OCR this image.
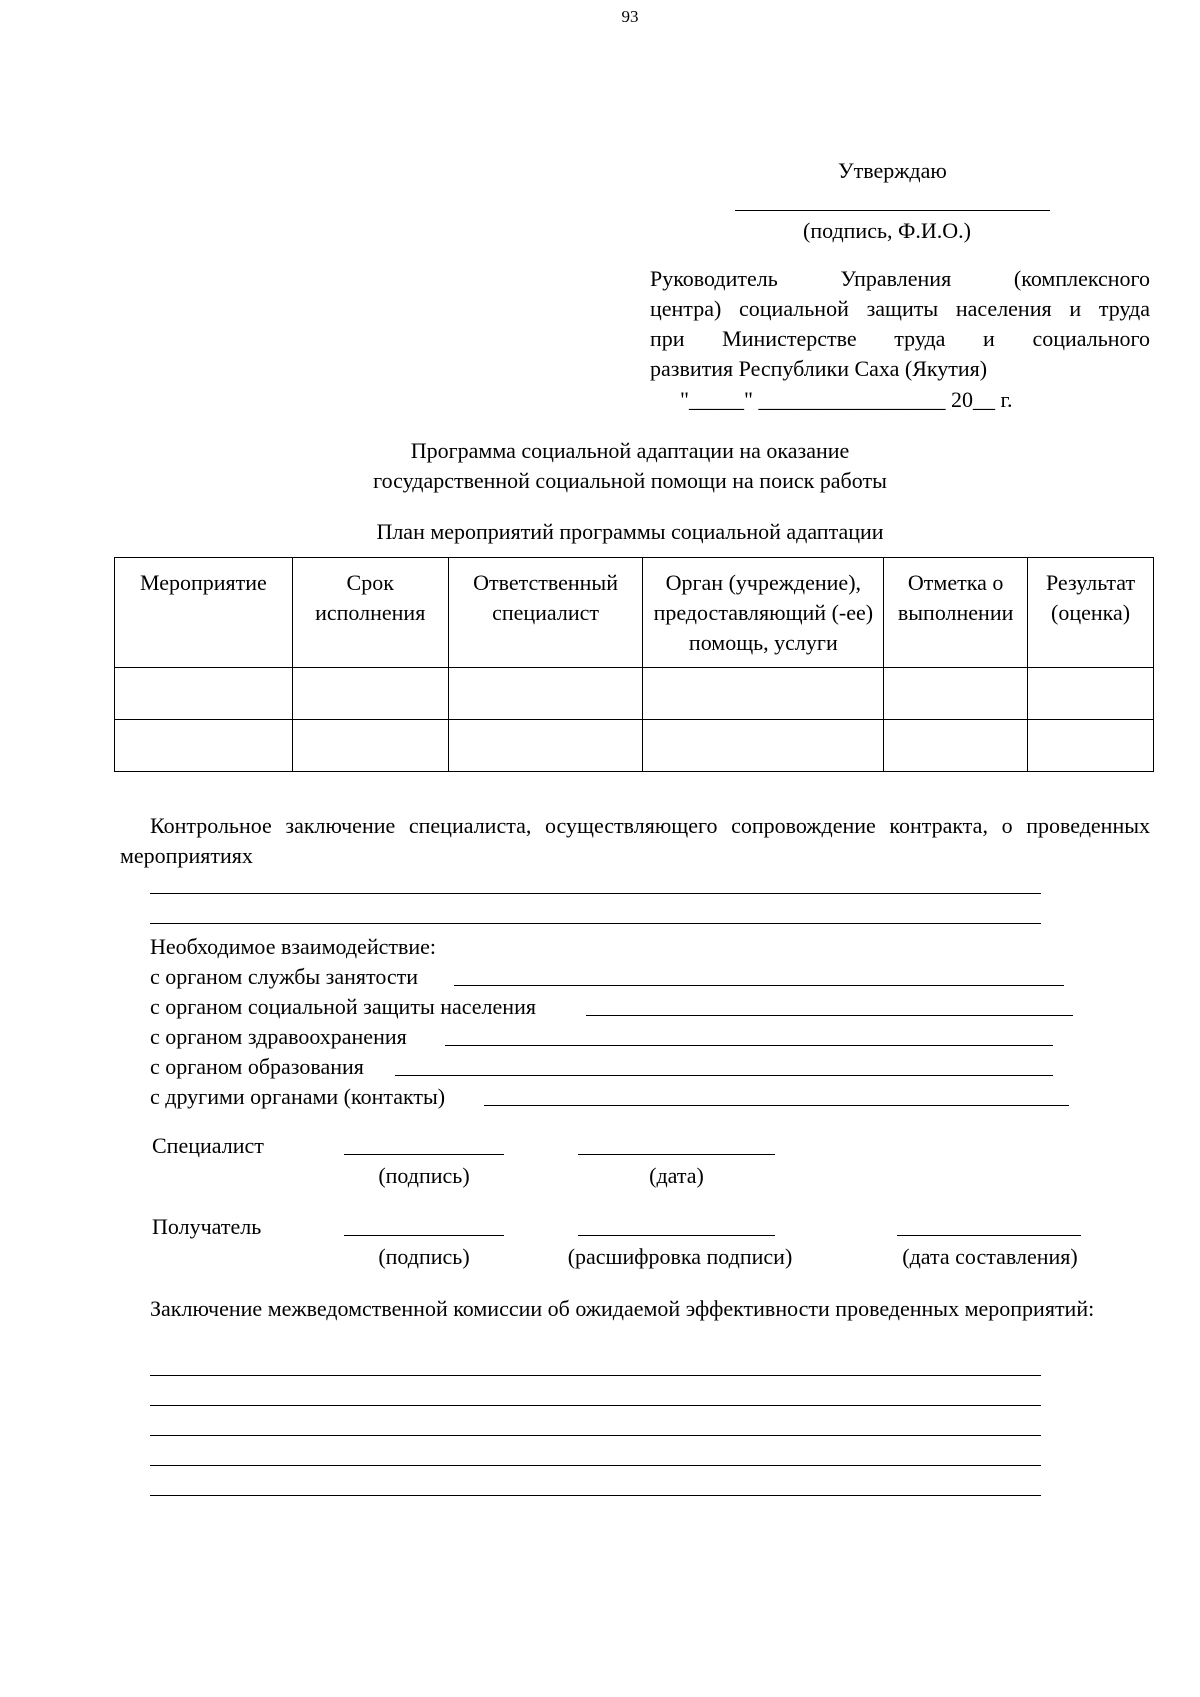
93
Утверждаю
(подпись, Ф.И.О.)

Руководитель Управления (комплексного

центра) социальной защиты населения и труда

при Министерстве труда и социального

развития Республики Саха (Якутия)

"_____" _________________ 20__ г.
Программа социальной адаптации на оказание
государственной социальной помощи на поиск работы
План мероприятий программы социальной адаптации
Мероприятие	Срок исполнения	Ответственный специалист	Орган (учреждение), предоставляющий (-ее) помощь, услуги	Отметка о выполнении	Результат (оценка)

Контрольное заключение специалиста, осуществляющего сопровождение контракта, о проведенных мероприятиях

Необходимое взаимодействие:
с органом службы занятости
с органом социальной защиты населения
с органом здравоохранения
с органом образования
с другими органами (контакты)
Специалист
(подпись)	(дата)
Получатель
(подпись)	(расшифровка подписи)	(дата составления)

Заключение межведомственной комиссии об ожидаемой эффективности проведенных мероприятий:
